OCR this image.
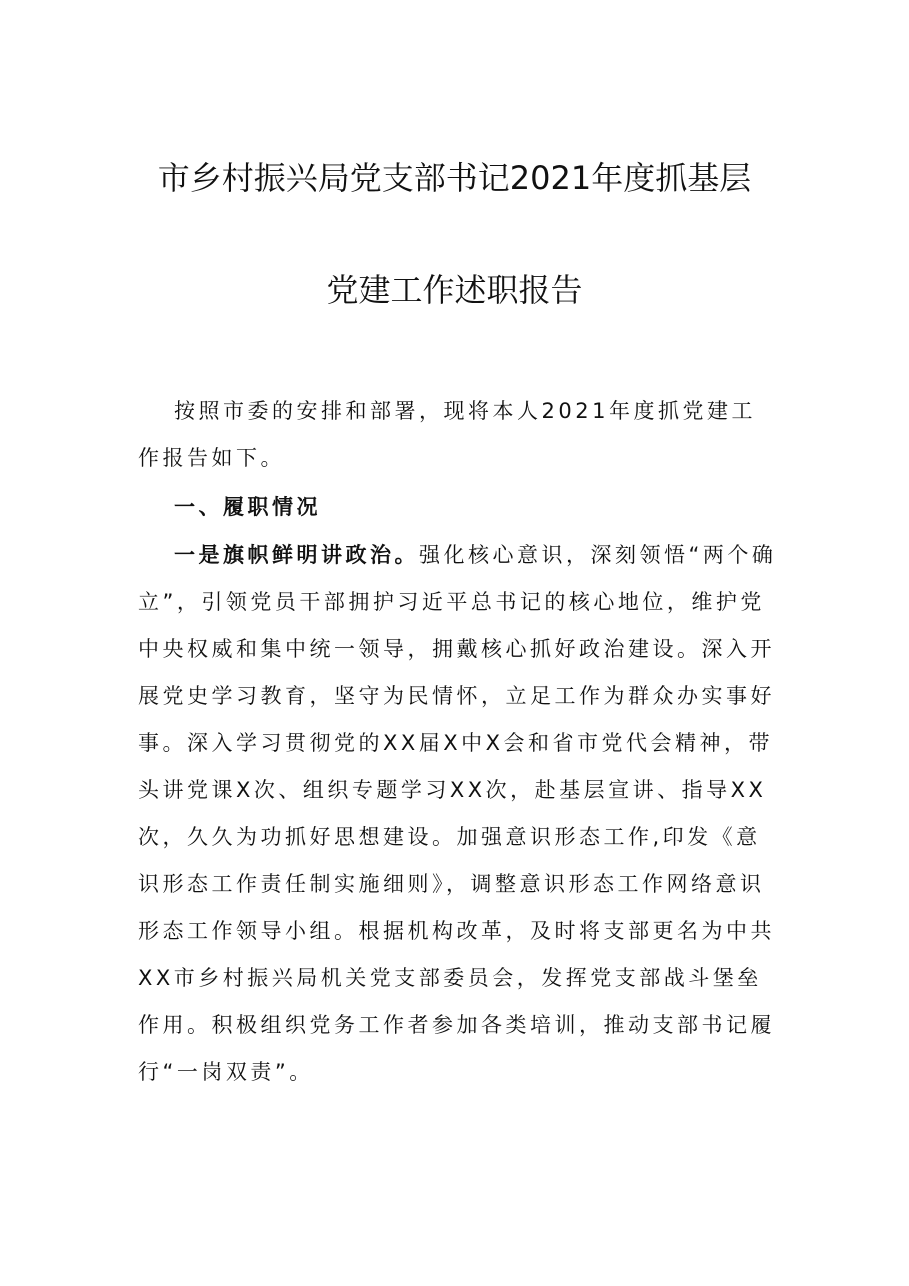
市乡村振兴局党支部书记2021年度抓基层
党建工作述职报告

按照市委的安排和部署，现将本人2021年度抓党建工作报告如下。

一、履职情况

一是旗帜鲜明讲政治。强化核心意识，深刻领悟“两个确立”，引领党员干部拥护习近平总书记的核心地位，维护党中央权威和集中统一领导，拥戴核心抓好政治建设。深入开展党史学习教育，坚守为民情怀，立足工作为群众办实事好事。深入学习贯彻党的XX届X中X会和省市党代会精神，带头讲党课X次、组织专题学习XX次，赴基层宣讲、指导XX次，久久为功抓好思想建设。加强意识形态工作,印发《意识形态工作责任制实施细则》，调整意识形态工作网络意识形态工作领导小组。根据机构改革，及时将支部更名为中共XX市乡村振兴局机关党支部委员会，发挥党支部战斗堡垒作用。积极组织党务工作者参加各类培训，推动支部书记履行“一岗双责”。
